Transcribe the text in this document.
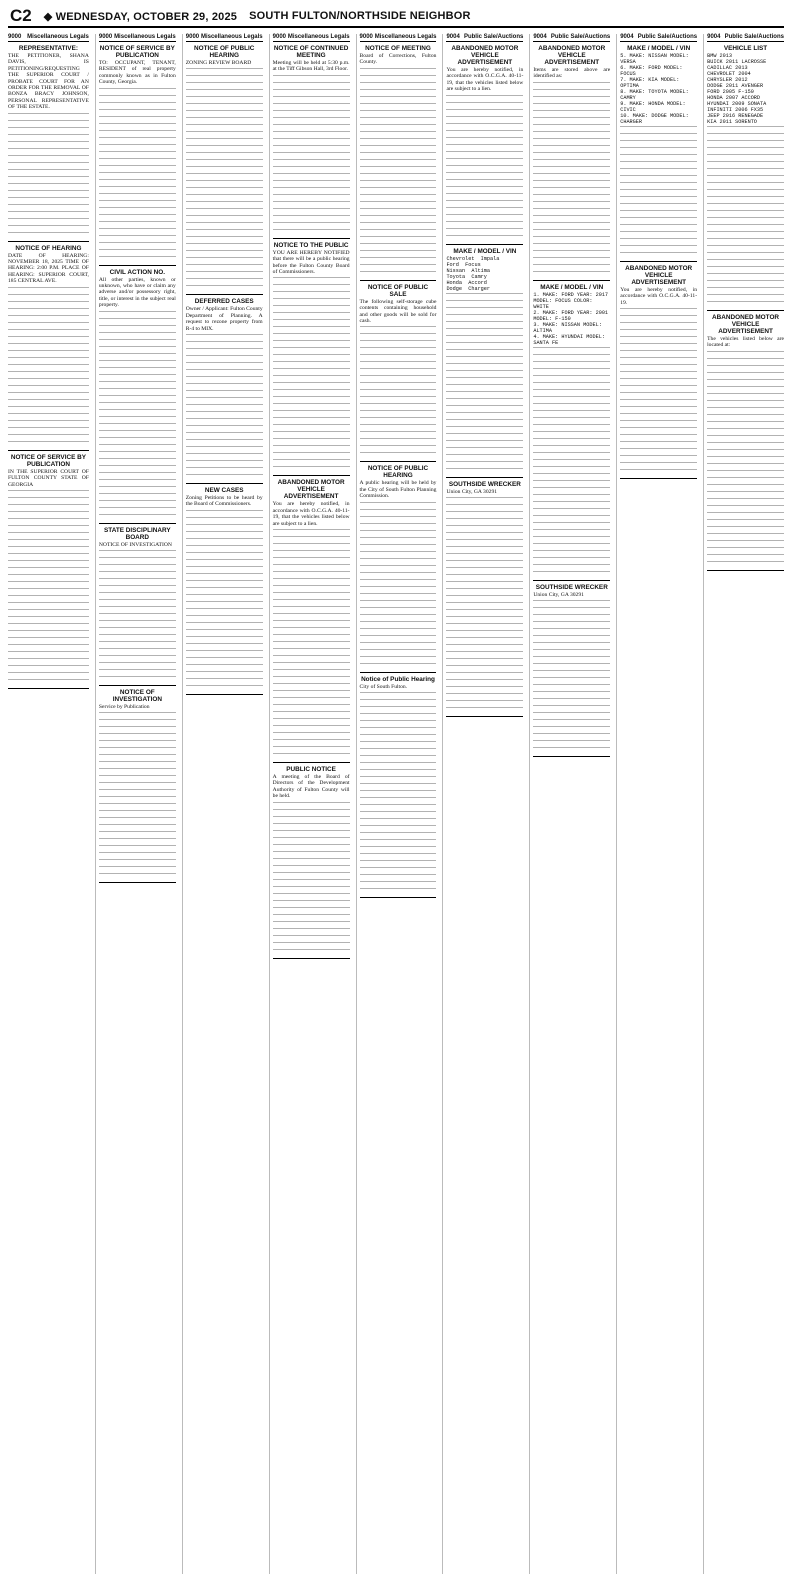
C2 ◆ WEDNESDAY, OCTOBER 29, 2025 SOUTH FULTON/NORTHSIDE NEIGHBOR
9000 Miscellaneous Legals
REPRESENTATIVE:
THE PETITIONER, SHANA DAVIS, IS PETITIONING/REQUESTING THE SUPERIOR COURT / PROBATE COURT FOR AN ORDER FOR THE REMOVAL OF BONZA BRACY JOHNSON, PERSONAL REPRESENTATIVE OF THE ESTATE.
NOTICE OF HEARING
DATE OF HEARING: NOVEMBER 18, 2025 TIME OF HEARING: 2:00 P.M. PLACE OF HEARING: SUPERIOR COURT, 185 CENTRAL AVE.
NOTICE OF SERVICE BY PUBLICATION
IN THE SUPERIOR COURT OF FULTON COUNTY STATE OF GEORGIA
9000 Miscellaneous Legals
NOTICE OF SERVICE BY PUBLICATION
TO: OCCUPANT, TENANT, RESIDENT of real property commonly known as in Fulton County, Georgia.
CIVIL ACTION NO.
All other parties, known or unknown, who have or claim any adverse and/or possessory right, title, or interest in the subject real property.
STATE DISCIPLINARY BOARD
NOTICE OF INVESTIGATION
NOTICE OF INVESTIGATION
Service by Publication
9000 Miscellaneous Legals
NOTICE OF PUBLIC HEARING
ZONING REVIEW BOARD
DEFERRED CASES
Owner / Applicant: Fulton County Department of Planning. A request to rezone property from R-4 to MIX.
NEW CASES
Zoning Petitions to be heard by the Board of Commissioners.
9000 Miscellaneous Legals
NOTICE OF CONTINUED MEETING
Meeting will be held at 5:30 p.m. at the Tiff Gibson Hall, 3rd Floor.
NOTICE TO THE PUBLIC
YOU ARE HEREBY NOTIFIED that there will be a public hearing before the Fulton County Board of Commissioners.
ABANDONED MOTOR VEHICLE ADVERTISEMENT
You are hereby notified, in accordance with O.C.G.A. 40-11-19, that the vehicles listed below are subject to a lien.
PUBLIC NOTICE
A meeting of the Board of Directors of the Development Authority of Fulton County will be held.
9000 Miscellaneous Legals
NOTICE OF MEETING
Board of Corrections, Fulton County.
NOTICE OF PUBLIC SALE
The following self-storage cube contents containing household and other goods will be sold for cash.
NOTICE OF PUBLIC HEARING
A public hearing will be held by the City of South Fulton Planning Commission.
Notice of Public Hearing
City of South Fulton.
9004 Public Sale/Auctions
ABANDONED MOTOR VEHICLE ADVERTISEMENT
You are hereby notified, in accordance with O.C.G.A. 40-11-19, that the vehicles listed below are subject to a lien.
MAKE / MODEL / VIN
Chevrolet  Impala
Ford  Focus
Nissan  Altima
Toyota  Camry
Honda  Accord
Dodge  Charger
SOUTHSIDE WRECKER
Union City, GA 30291
9004 Public Sale/Auctions
ABANDONED MOTOR VEHICLE ADVERTISEMENT
Items are stored above are identified as:
MAKE / MODEL / VIN
1. MAKE: FORD YEAR: 2017 MODEL: FOCUS COLOR: WHITE
2. MAKE: FORD YEAR: 2001 MODEL: F-150
3. MAKE: NISSAN MODEL: ALTIMA
4. MAKE: HYUNDAI MODEL: SANTA FE
SOUTHSIDE WRECKER
Union City, GA 30291
9004 Public Sale/Auctions
MAKE / MODEL / VIN
5. MAKE: NISSAN MODEL: VERSA
6. MAKE: FORD MODEL: FOCUS
7. MAKE: KIA MODEL: OPTIMA
8. MAKE: TOYOTA MODEL: CAMRY
9. MAKE: HONDA MODEL: CIVIC
10. MAKE: DODGE MODEL: CHARGER
ABANDONED MOTOR VEHICLE ADVERTISEMENT
You are hereby notified, in accordance with O.C.G.A. 40-11-19.
9004 Public Sale/Auctions
VEHICLE LIST
BMW 2013
BUICK 2011 LACROSSE
CADILLAC 2013
CHEVROLET 2004
CHRYSLER 2012
DODGE 2011 AVENGER
FORD 2005 F-150
HONDA 2007 ACCORD
HYUNDAI 2009 SONATA
INFINITI 2006 FX35
JEEP 2016 RENEGADE
KIA 2011 SORENTO
ABANDONED MOTOR VEHICLE ADVERTISEMENT
The vehicles listed below are located at:
